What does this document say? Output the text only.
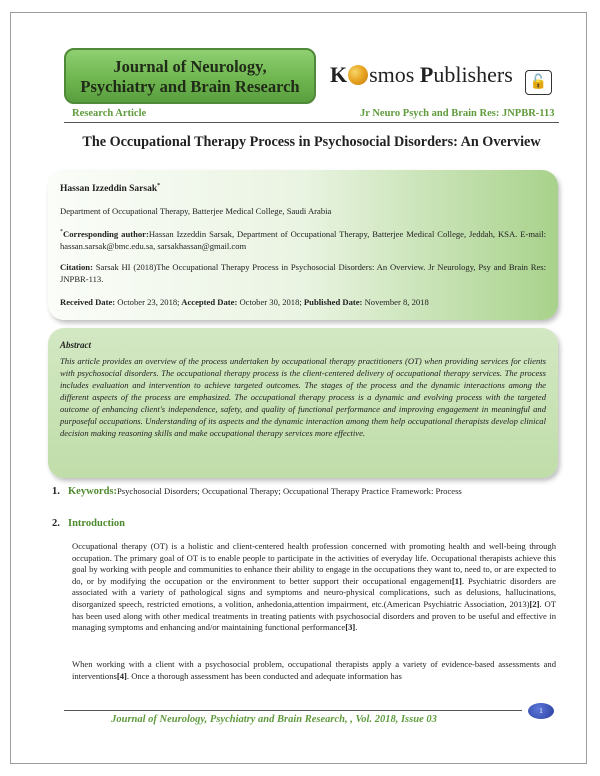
Journal of Neurology,
Psychiatry and Brain Research	K smos Publishers	🔓
Research Article	Jr Neuro Psych and Brain Res: JNPBR-113
The Occupational Therapy Process in Psychosocial Disorders: An Overview

Hassan Izzeddin Sarsak*

Department of Occupational Therapy, Batterjee Medical College, Saudi Arabia

*Corresponding author:Hassan Izzeddin Sarsak, Department of Occupational Therapy, Batterjee Medical College, Jeddah, KSA. E-mail: hassan.sarsak@bmc.edu.sa, sarsakhassan@gmail.com

Citation: Sarsak HI (2018)The Occupational Therapy Process in Psychosocial Disorders: An Overview. Jr Neurology, Psy and Brain Res: JNPBR-113.

Received Date: October 23, 2018; Accepted Date: October 30, 2018; Published Date: November 8, 2018

Abstract

This article provides an overview of the process undertaken by occupational therapy practitioners (OT) when providing services for clients with psychosocial disorders. The occupational therapy process is the client-centered delivery of occupational therapy services. The process includes evaluation and intervention to achieve targeted outcomes. The stages of the process and the dynamic interactions among the different aspects of the process are emphasized. The occupational therapy process is a dynamic and evolving process with the targeted outcome of enhancing client's independence, safety, and quality of functional performance and improving engagement in meaningful and purposeful occupations. Understanding of its aspects and the dynamic interaction among them help occupational therapists develop clinical decision making reasoning skills and make occupational therapy services more effective.

1. Keywords:Psychosocial Disorders; Occupational Therapy; Occupational Therapy Practice Framework: Process
2. Introduction

Occupational therapy (OT) is a holistic and client-centered health profession concerned with promoting health and well-being through occupation. The primary goal of OT is to enable people to participate in the activities of everyday life. Occupational therapists achieve this goal by working with people and communities to enhance their ability to engage in the occupations they want to, need to, or are expected to do, or by modifying the occupation or the environment to better support their occupational engagement[1]. Psychiatric disorders are associated with a variety of pathological signs and symptoms and neuro-physical complications, such as delusions, hallucinations, disorganized speech, restricted emotions, a volition, anhedonia,attention impairment, etc.(American Psychiatric Association, 2013)[2]. OT has been used along with other medical treatments in treating patients with psychosocial disorders and proven to be useful and effective in managing symptoms and enhancing and/or maintaining functional performance[3].

When working with a client with a psychosocial problem, occupational therapists apply a variety of evidence-based assessments and interventions[4]. Once a thorough assessment has been conducted and adequate information has

Journal of Neurology, Psychiatry and Brain Research, , Vol. 2018, Issue 03
1
